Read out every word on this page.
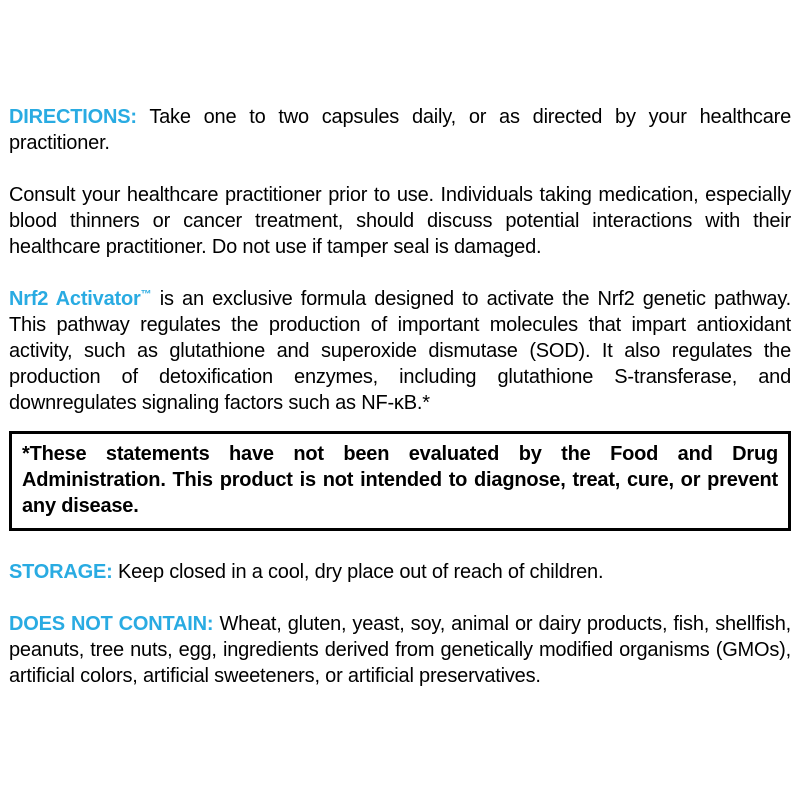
DIRECTIONS: Take one to two capsules daily, or as directed by your healthcare practitioner.

Consult your healthcare practitioner prior to use. Individuals taking medication, especially blood thinners or cancer treatment, should discuss potential interactions with their healthcare practitioner. Do not use if tamper seal is damaged.

Nrf2 Activator™ is an exclusive formula designed to activate the Nrf2 genetic pathway. This pathway regulates the production of important molecules that impart antioxidant activity, such as glutathione and superoxide dismutase (SOD). It also regulates the production of detoxification enzymes, including glutathione S-transferase, and downregulates signaling factors such as NF-κB.*

*These statements have not been evaluated by the Food and Drug Administration. This product is not intended to diagnose, treat, cure, or prevent any disease.

STORAGE: Keep closed in a cool, dry place out of reach of children.

DOES NOT CONTAIN: Wheat, gluten, yeast, soy, animal or dairy products, fish, shellfish, peanuts, tree nuts, egg, ingredients derived from genetically modified organisms (GMOs), artificial colors, artificial sweeteners, or artificial preservatives.
